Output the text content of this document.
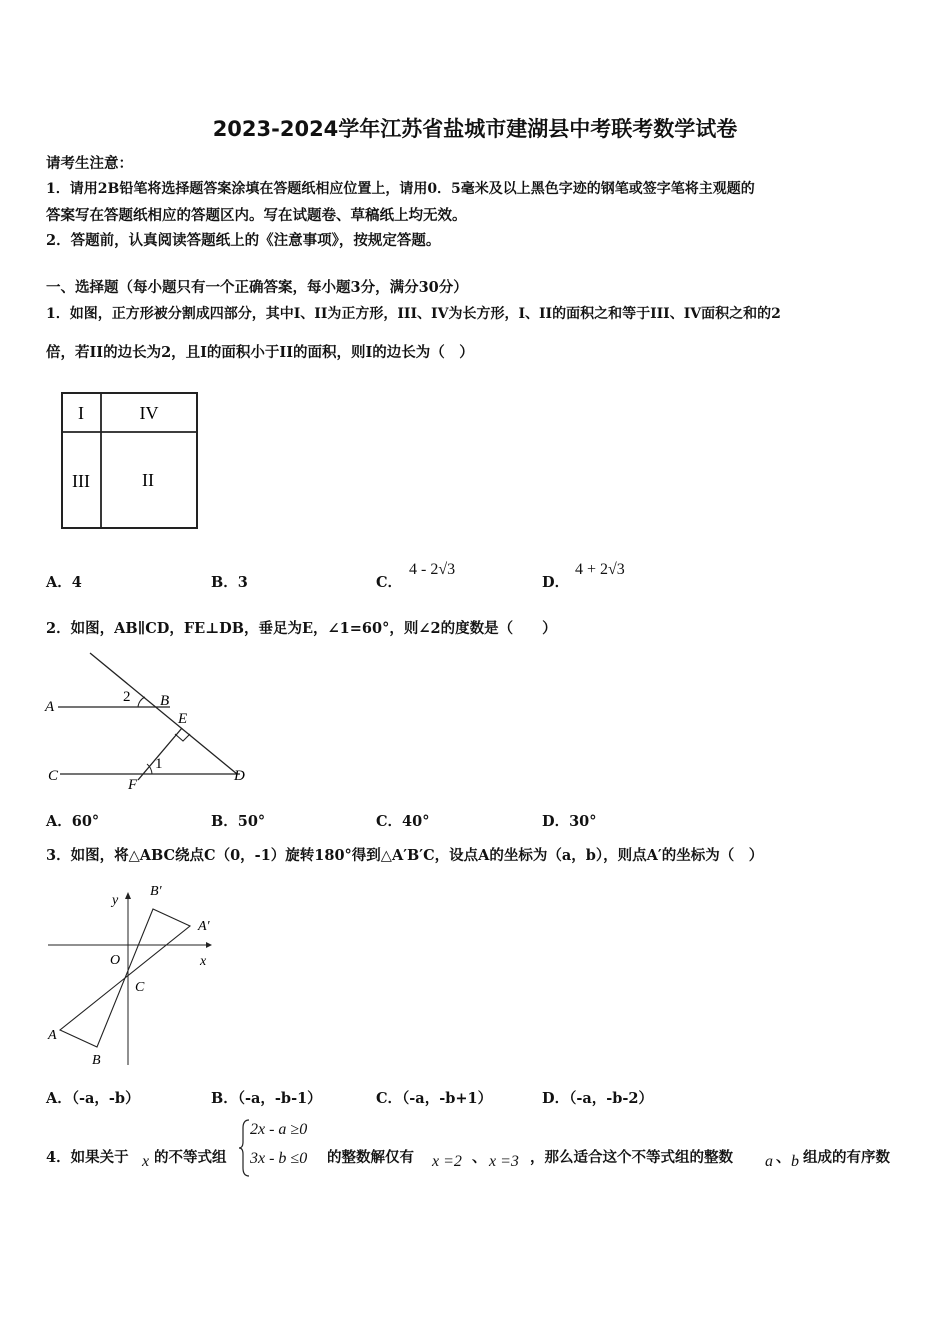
2023-2024学年江苏省盐城市建湖县中考联考数学试卷
请考生注意：
1．请用2B铅笔将选择题答案涂填在答题纸相应位置上，请用0．5毫米及以上黑色字迹的钢笔或签字笔将主观题的
答案写在答题纸相应的答题区内。写在试题卷、草稿纸上均无效。
2．答题前，认真阅读答题纸上的《注意事项》，按规定答题。
一、选择题（每小题只有一个正确答案，每小题3分，满分30分）
1．如图，正方形被分割成四部分，其中I、II为正方形，III、IV为长方形，I、II的面积之和等于III、IV面积之和的2
倍，若II的边长为2，且I的面积小于II的面积，则I的边长为（　）
I	IV
III	II
A．4	B．3	C．
4 - 2√3
D．
4 + 2√3
2．如图，AB∥CD，FE⊥DB，垂足为E，∠1=60°，则∠2的度数是（　　）
A	B
C	D
E
F
1
2
A．60°	B．50°	C．40°	D．30°
3．如图，将△ABC绕点C（0，-1）旋转180°得到△A′B′C，设点A的坐标为（a，b），则点A′的坐标为（　）
y
x
O
C
A
B
A′
B′
A．（-a，-b）	B．（-a，-b-1）	C．（-a，-b+1）	D．（-a，-b-2）
4．如果关于 x 的不等式组
2x - a ≥0
3x - b ≤0 的整数解仅有 x =2 、 x =3 ，那么适合这个不等式组的整数 a 、 b 组成的有序数
